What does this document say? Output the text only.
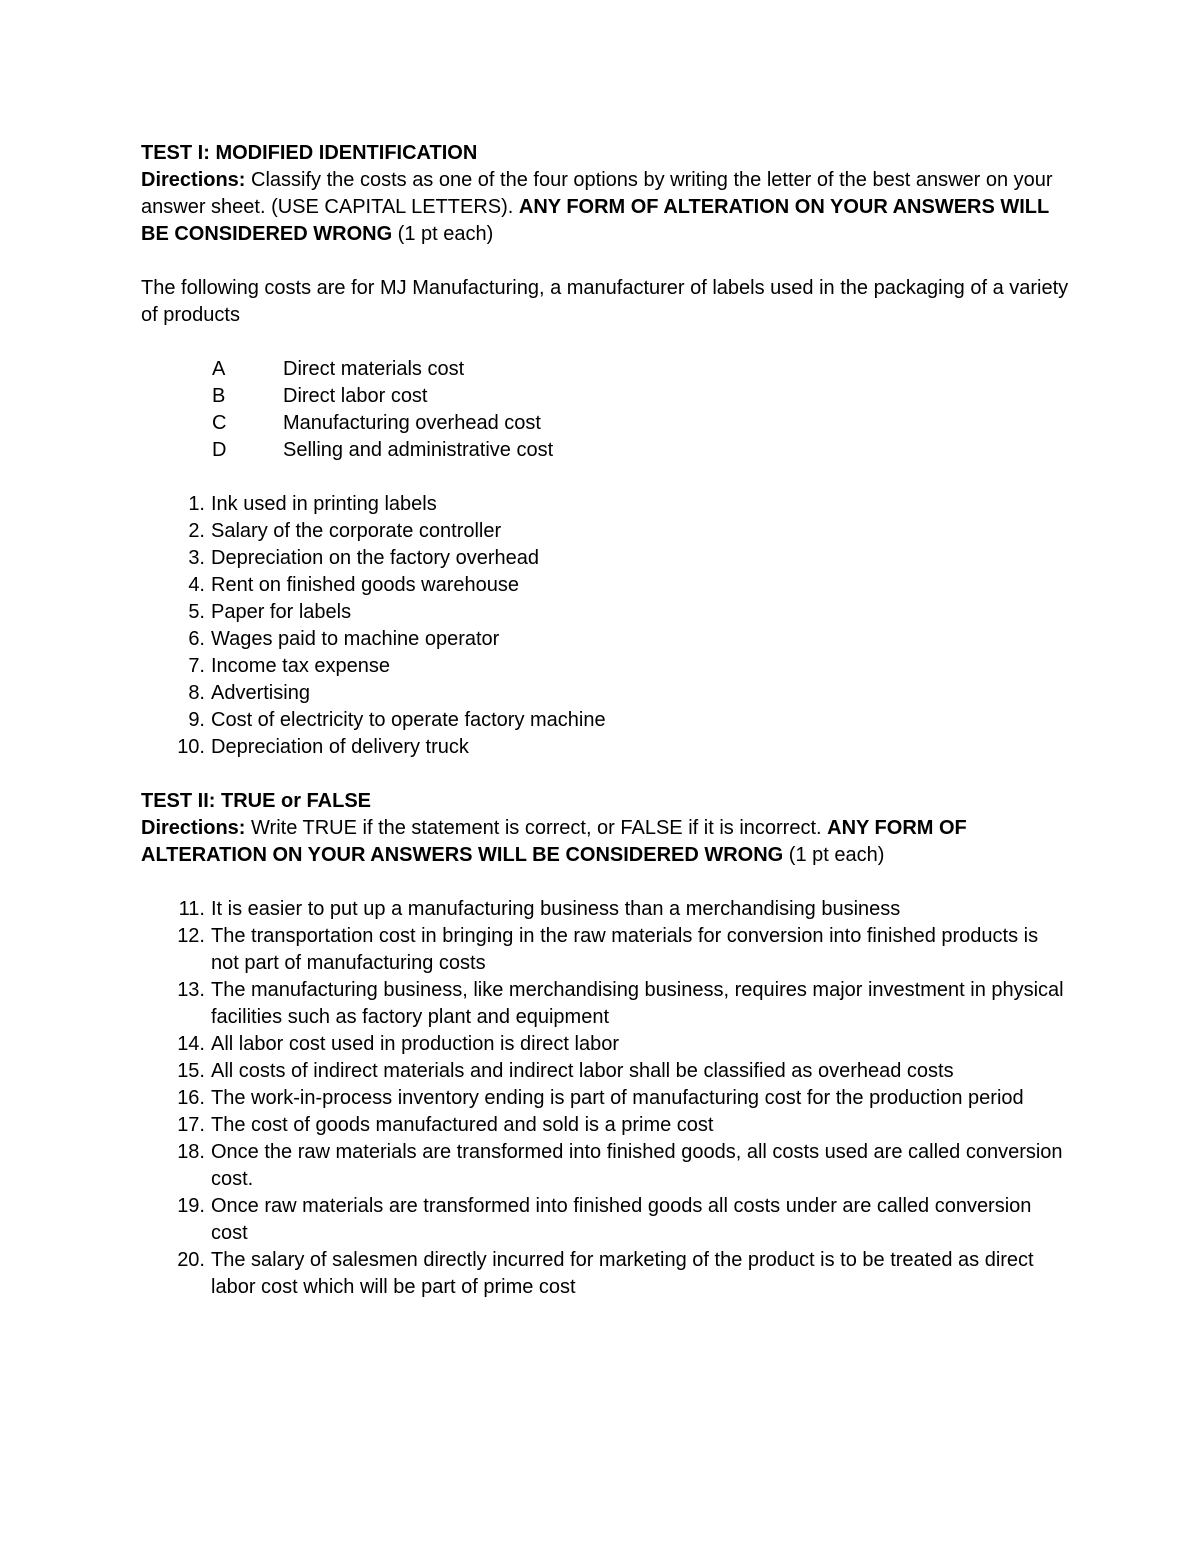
TEST I: MODIFIED IDENTIFICATION

Directions: Classify the costs as one of the four options by writing the letter of the best answer on your answer sheet. (USE CAPITAL LETTERS). ANY FORM OF ALTERATION ON YOUR ANSWERS WILL BE CONSIDERED WRONG (1 pt each)

The following costs are for MJ Manufacturing, a manufacturer of labels used in the packaging of a variety of products

A	Direct materials cost
B	Direct labor cost
C	Manufacturing overhead cost
D	Selling and administrative cost
1. Ink used in printing labels
2. Salary of the corporate controller
3. Depreciation on the factory overhead
4. Rent on finished goods warehouse
5. Paper for labels
6. Wages paid to machine operator
7. Income tax expense
8. Advertising
9. Cost of electricity to operate factory machine
10. Depreciation of delivery truck

TEST II: TRUE or FALSE

Directions: Write TRUE if the statement is correct, or FALSE if it is incorrect. ANY FORM OF ALTERATION ON YOUR ANSWERS WILL BE CONSIDERED WRONG (1 pt each)

11. It is easier to put up a manufacturing business than a merchandising business
12. The transportation cost in bringing in the raw materials for conversion into finished products is not part of manufacturing costs
13. The manufacturing business, like merchandising business, requires major investment in physical facilities such as factory plant and equipment
14. All labor cost used in production is direct labor
15. All costs of indirect materials and indirect labor shall be classified as overhead costs
16. The work-in-process inventory ending is part of manufacturing cost for the production period
17. The cost of goods manufactured and sold is a prime cost
18. Once the raw materials are transformed into finished goods, all costs used are called conversion cost.
19. Once raw materials are transformed into finished goods all costs under are called conversion cost
20. The salary of salesmen directly incurred for marketing of the product is to be treated as direct labor cost which will be part of prime cost
